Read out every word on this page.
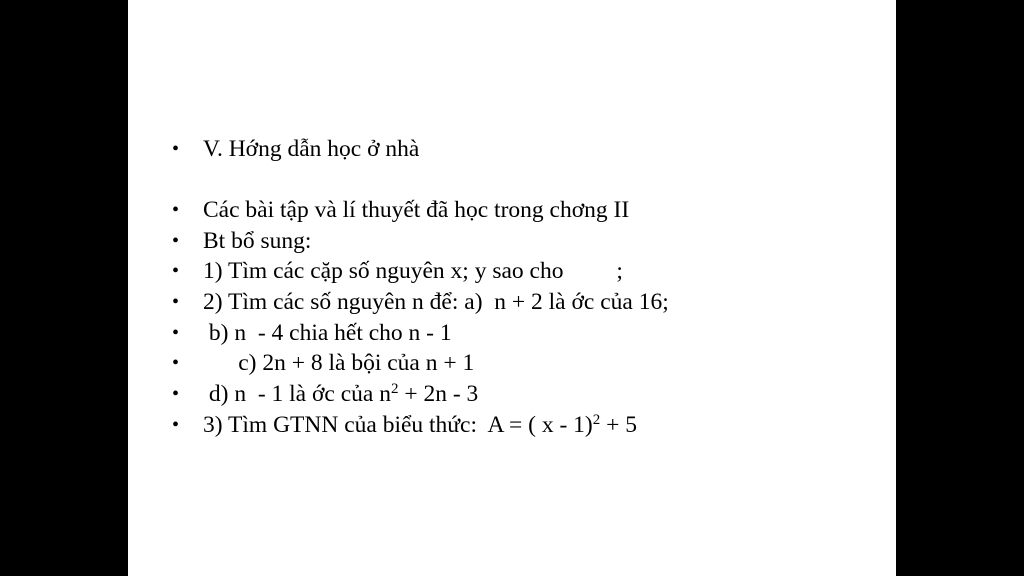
•

V. Hớng dẫn học ở nhà

•

Các bài tập và lí thuyết đã học trong chơng II

•

Bt bổ sung:

•

1) Tìm các cặp số nguyên x; y sao cho         ;

•

2) Tìm các số nguyên n để: a)  n + 2 là ớc của 16;

•

b) n  - 4 chia hết cho n - 1

•

c) 2n + 8 là bội của n + 1

•

d) n  - 1 là ớc của $n^2 + 2n - 3$

•

3) Tìm GTNN của biểu thức:  A = ( x - 1)$^2$ + 5
